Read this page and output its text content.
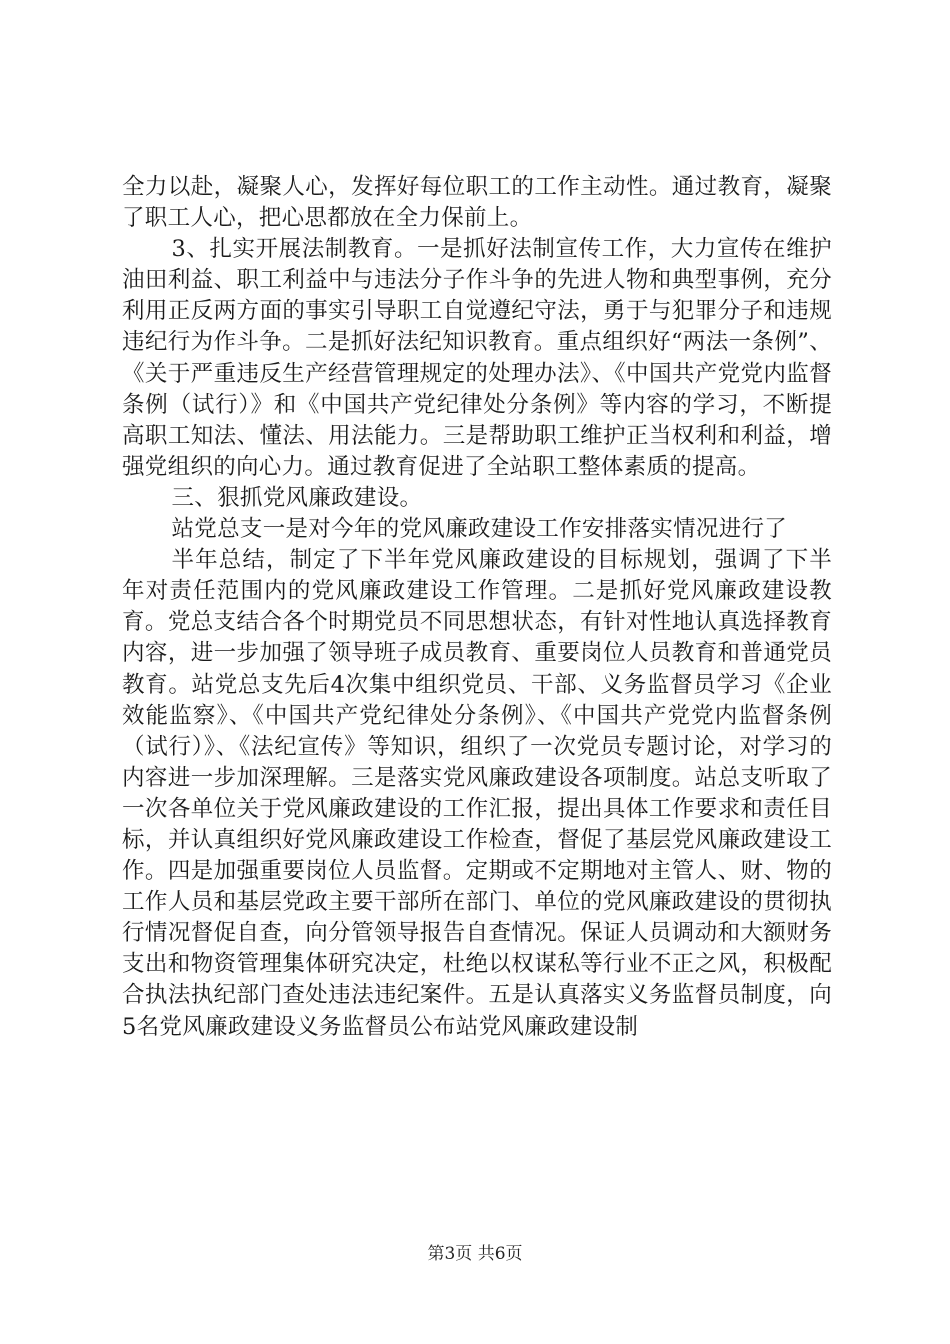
全力以赴，凝聚人心，发挥好每位职工的工作主动性。通过教育，凝聚了职工人心，把心思都放在全力保前上。

3、扎实开展法制教育。一是抓好法制宣传工作，大力宣传在维护油田利益、职工利益中与违法分子作斗争的先进人物和典型事例，充分利用正反两方面的事实引导职工自觉遵纪守法，勇于与犯罪分子和违规违纪行为作斗争。二是抓好法纪知识教育。重点组织好“两法一条例”、《关于严重违反生产经营管理规定的处理办法》、《中国共产党党内监督条例（试行）》和《中国共产党纪律处分条例》等内容的学习，不断提高职工知法、懂法、用法能力。三是帮助职工维护正当权利和利益，增强党组织的向心力。通过教育促进了全站职工整体素质的提高。

三、狠抓党风廉政建设。

站党总支一是对今年的党风廉政建设工作安排落实情况进行了

半年总结，制定了下半年党风廉政建设的目标规划，强调了下半年对责任范围内的党风廉政建设工作管理。二是抓好党风廉政建设教育。党总支结合各个时期党员不同思想状态，有针对性地认真选择教育内容，进一步加强了领导班子成员教育、重要岗位人员教育和普通党员教育。站党总支先后4次集中组织党员、干部、义务监督员学习《企业效能监察》、《中国共产党纪律处分条例》、《中国共产党党内监督条例（试行）》、《法纪宣传》等知识，组织了一次党员专题讨论，对学习的内容进一步加深理解。三是落实党风廉政建设各项制度。站总支听取了一次各单位关于党风廉政建设的工作汇报，提出具体工作要求和责任目标，并认真组织好党风廉政建设工作检查，督促了基层党风廉政建设工作。四是加强重要岗位人员监督。定期或不定期地对主管人、财、物的工作人员和基层党政主要干部所在部门、单位的党风廉政建设的贯彻执行情况督促自查，向分管领导报告自查情况。保证人员调动和大额财务支出和物资管理集体研究决定，杜绝以权谋私等行业不正之风，积极配合执法执纪部门查处违法违纪案件。五是认真落实义务监督员制度，向5名党风廉政建设义务监督员公布站党风廉政建设制

第3页 共6页
